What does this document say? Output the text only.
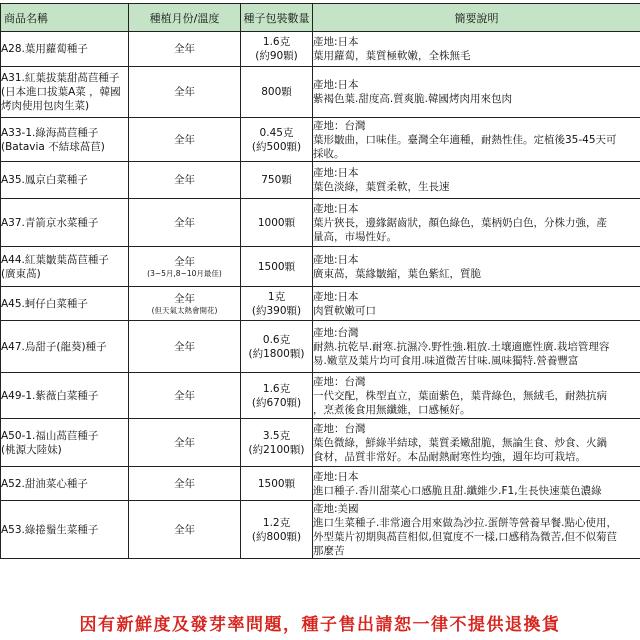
商品名稱	種植月份/溫度	種子包裝數量	簡要說明

A28.葉用蘿蔔種子	全年	1.6克
(約90顆)	產地:日本
葉用蘿蔔，葉質極軟嫩，全株無毛

A31.紅葉拔葉甜萵苣種子
(日本進口拔葉A菜 ，韓國
烤肉使用包肉生菜)	全年	800顆	產地:日本
紫褐色葉.甜度高.質爽脆.韓國烤肉用來包肉

A33-1.綠海萵苣種子
(Batavia 不結球萵苣)	全年	0.45克
(約500顆)	產地：台灣
葉形皺曲，口味佳。臺灣全年適種，耐熱性佳。定植後35-45天可
採收。

A35.鳳京白菜種子	全年	750顆	產地:日本
葉色淡綠，葉質柔軟，生長速

A37.青箭京水菜種子	全年	1000顆	產地:日本
葉片狹長，邊緣鋸齒狀，顏色綠色，葉柄奶白色，分株力強，產
量高，市場性好。

A44.紅葉皺葉萵苣種子
(廣東萵)	全年
(3~5月,8~10月最佳)	1500顆	產地:日本
廣東萵，葉緣皺縮，葉色紫紅，質脆

A45.蚵仔白菜種子	全年
(但天氣太熱會開花)	1克
(約390顆)	產地:日本
肉質軟嫩可口

A47.烏甜子(龍葵)種子	全年	0.6克
(約1800顆)	產地:台灣
耐熱.抗乾旱.耐寒.抗濕冷.野性強.粗放.土壤適應性廣.栽培管理容
易.嫩莖及葉片均可食用.味道微苦甘味.風味獨特.營養豐富

A49-1.紫薇白菜種子	全年	1.6克
(約670顆)	產地：台灣
一代交配，株型直立，葉面紫色，葉背綠色，無絨毛，耐熱抗病
，烹煮後食用無纖維，口感極好。

A50-1.福山萵苣種子
(桃源大陸妹)	全年	3.5克
(約2100顆)	產地：台灣
葉色微綠，鮮綠半結球，葉質柔嫩甜脆，無論生食、炒食、火鍋
食材，品質非常好。本品耐熱耐寒性均強，週年均可栽培。

A52.甜油菜心種子	全年	1500顆	產地:日本
進口種子.香川甜菜心口感脆且甜.纖維少.F1,生長快速葉色濃綠

A53.綠捲鬚生菜種子	全年	1.2克
(約800顆)	產地:美國
進口生菜種子.非常適合用來做為沙拉.蛋餅等營養早餐.點心使用，
外型葉片初期與萵苣相似,但寬度不一樣,口感稍為微苦,但不似菊苣
那麼苦
因有新鮮度及發芽率問題，種子售出請恕一律不提供退換貨
